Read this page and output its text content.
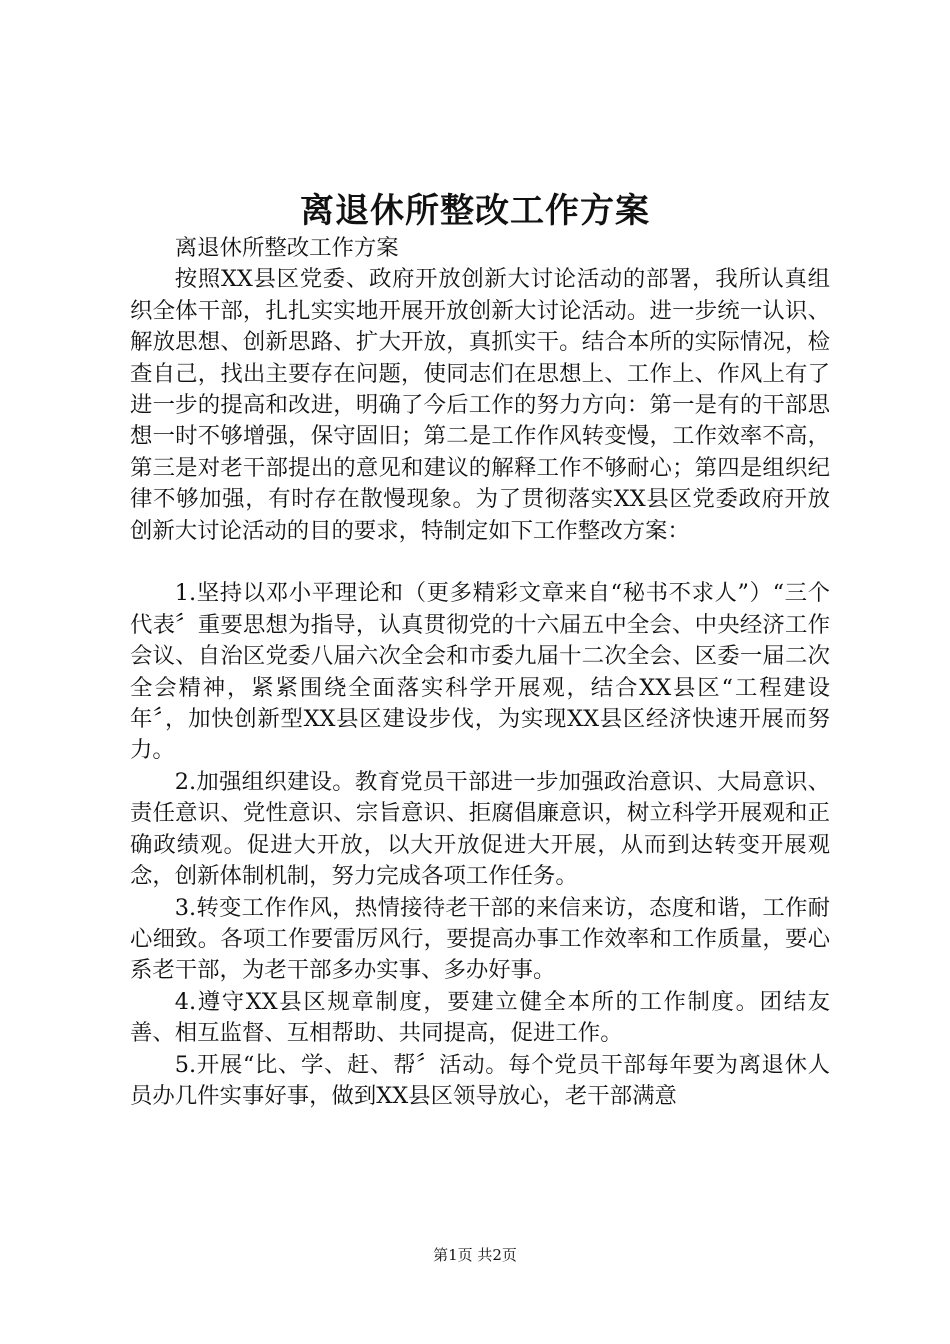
离退休所整改工作方案

离退休所整改工作方案

按照XX县区党委、政府开放创新大讨论活动的部署，我所认真组织全体干部，扎扎实实地开展开放创新大讨论活动。进一步统一认识、解放思想、创新思路、扩大开放，真抓实干。结合本所的实际情况，检查自己，找出主要存在问题，使同志们在思想上、工作上、作风上有了进一步的提高和改进，明确了今后工作的努力方向：第一是有的干部思想一时不够增强，保守固旧；第二是工作作风转变慢，工作效率不高，第三是对老干部提出的意见和建议的解释工作不够耐心；第四是组织纪律不够加强，有时存在散慢现象。为了贯彻落实XX县区党委政府开放创新大讨论活动的目的要求，特制定如下工作整改方案：

1.坚持以邓小平理论和（更多精彩文章来自“秘书不求人”）“三个代表〞重要思想为指导，认真贯彻党的十六届五中全会、中央经济工作会议、自治区党委八届六次全会和市委九届十二次全会、区委一届二次全会精神，紧紧围绕全面落实科学开展观，结合XX县区“工程建设年〞，加快创新型XX县区建设步伐，为实现XX县区经济快速开展而努力。

2.加强组织建设。教育党员干部进一步加强政治意识、大局意识、责任意识、党性意识、宗旨意识、拒腐倡廉意识，树立科学开展观和正确政绩观。促进大开放，以大开放促进大开展，从而到达转变开展观念，创新体制机制，努力完成各项工作任务。

3.转变工作作风，热情接待老干部的来信来访，态度和谐，工作耐心细致。各项工作要雷厉风行，要提高办事工作效率和工作质量，要心系老干部，为老干部多办实事、多办好事。

4.遵守XX县区规章制度，要建立健全本所的工作制度。团结友善、相互监督、互相帮助、共同提高，促进工作。

5.开展“比、学、赶、帮〞活动。每个党员干部每年要为离退休人员办几件实事好事，做到XX县区领导放心，老干部满意

第1页 共2页
